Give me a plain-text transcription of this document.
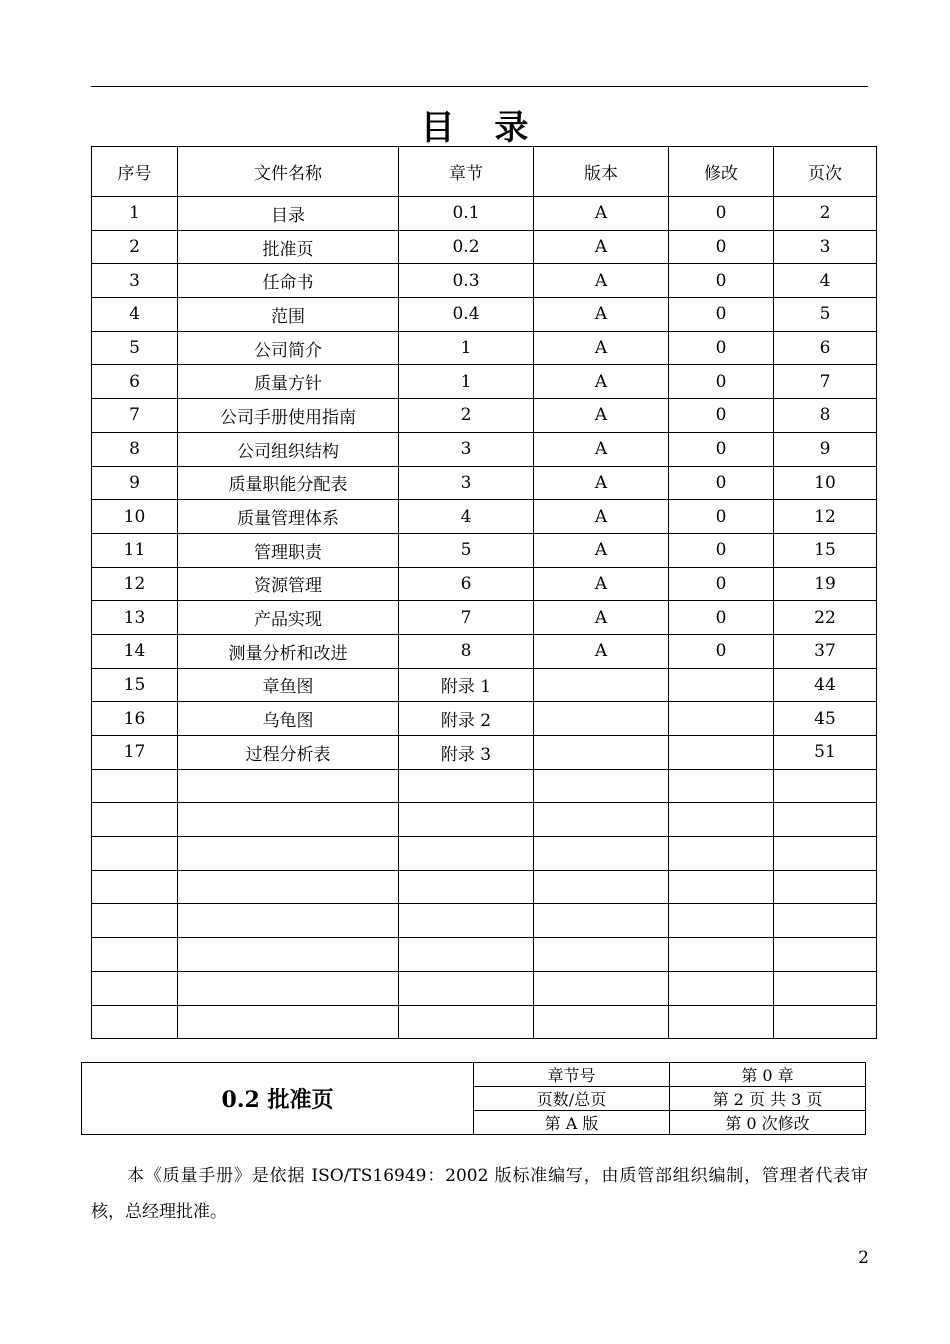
目 录
序号	文件名称	章节	版本	修改	页次
1	目录	0.1	A	0	2
2	批准页	0.2	A	0	3
3	任命书	0.3	A	0	4
4	范围	0.4	A	0	5
5	公司简介	1	A	0	6
6	质量方针	1	A	0	7
7	公司手册使用指南	2	A	0	8
8	公司组织结构	3	A	0	9
9	质量职能分配表	3	A	0	10
10	质量管理体系	4	A	0	12
11	管理职责	5	A	0	15
12	资源管理	6	A	0	19
13	产品实现	7	A	0	22
14	测量分析和改进	8	A	0	37
15	章鱼图	附录 1			44
16	乌龟图	附录 2			45
17	过程分析表	附录 3			51

0.2 批准页	章节号	第 0 章
	页数/总页	第 2 页 共 3 页
	第 A 版	第 0 次修改
本《质量手册》是依据 ISO/TS16949：2002 版标准编写，由质管部组织编制，管理者代表审核，总经理批准。
2
